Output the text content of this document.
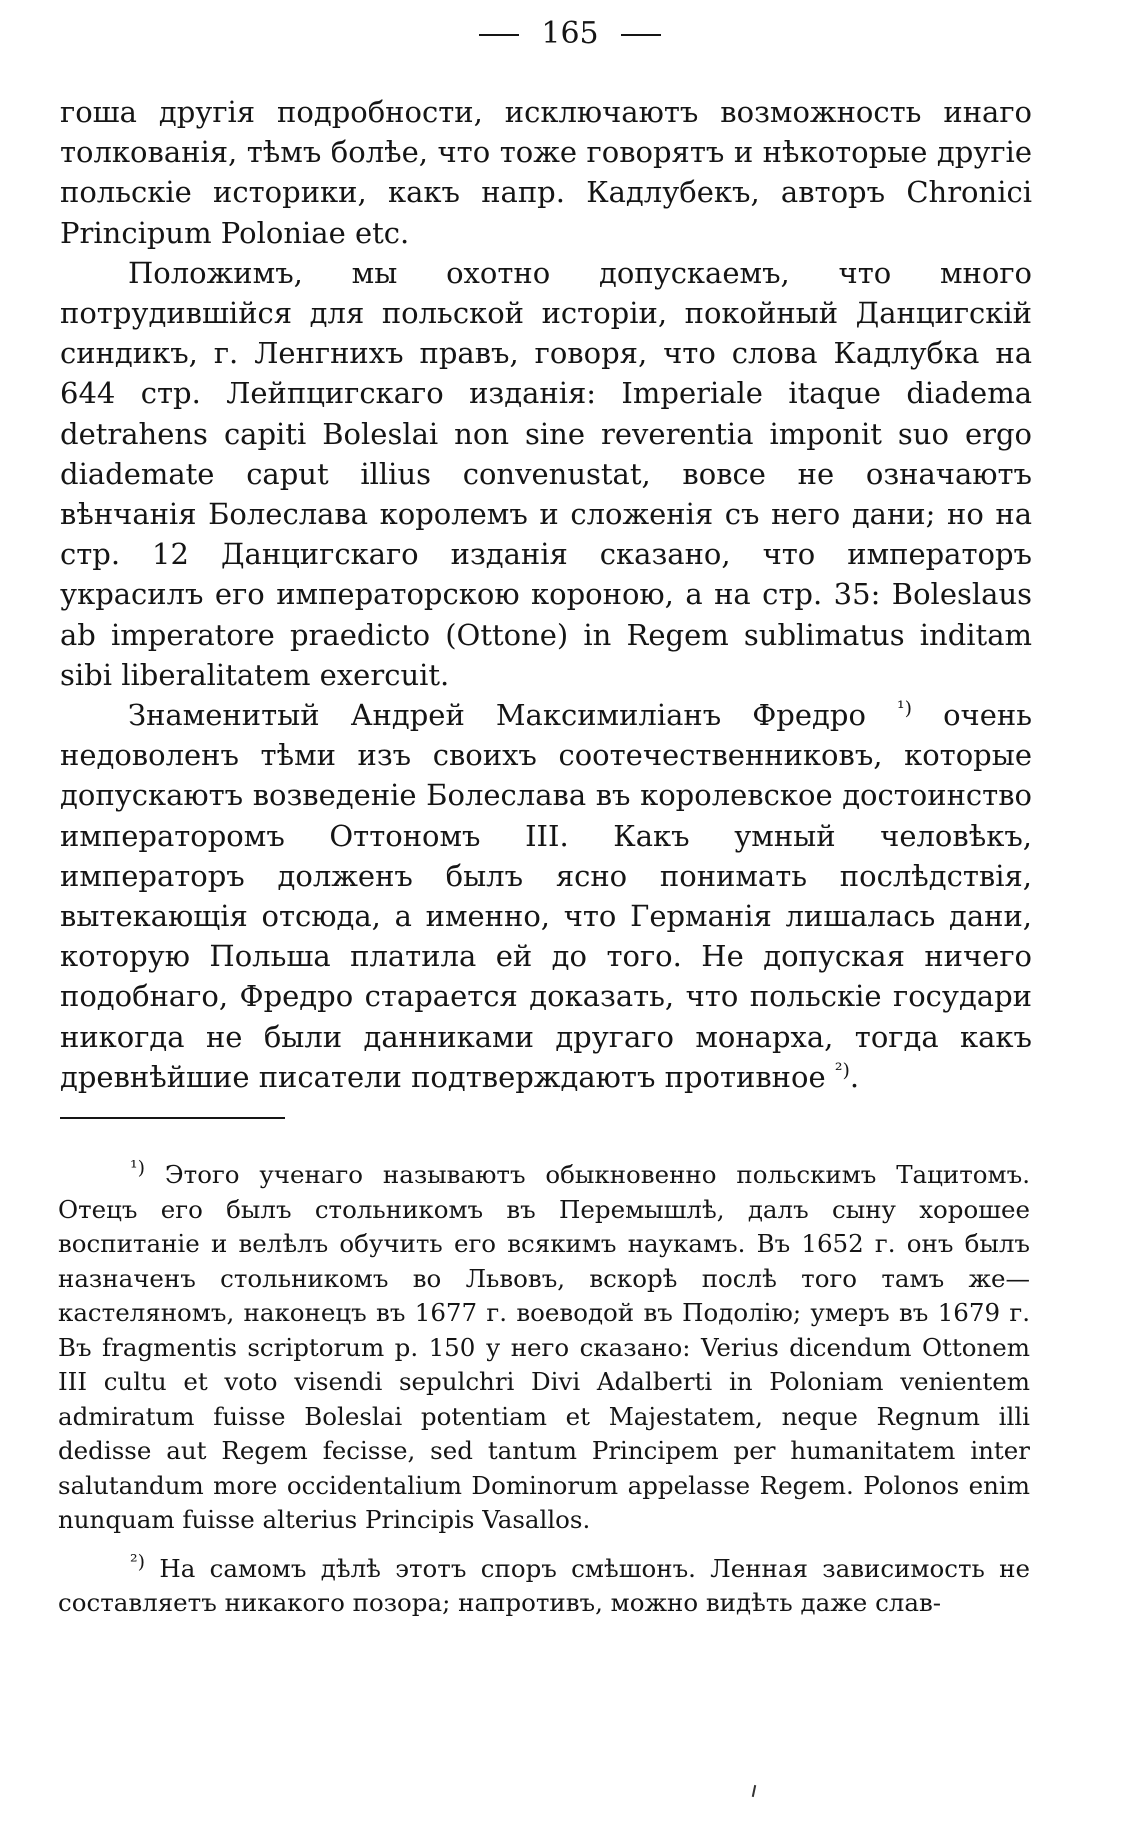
165

гоша другія подробности, исключаютъ возможность инаго толкованія, тѣмъ болѣе, что тоже говорятъ и нѣкоторые другіе польскіе историки, какъ напр. Кадлубекъ, авторъ Chronici Principum Poloniae etc.

Положимъ, мы охотно допускаемъ, что много потрудившійся для польской исторіи, покойный Данцигскій синдикъ, г. Ленгнихъ правъ, говоря, что слова Кадлубка на 644 стр. Лейпцигскаго изданія: Imperiale itaque diadema detrahens capiti Boleslai non sine reverentia imponit suo ergo diademate caput illius convenustat, вовсе не означаютъ вѣнчанія Болеслава королемъ и сложенія съ него дани; но на стр. 12 Данцигскаго изданія сказано, что императоръ украсилъ его императорскою короною, а на стр. 35: Boleslaus ab imperatore praedicto (Ottone) in Regem sublimatus inditam sibi liberalitatem exercuit.

Знаменитый Андрей Максимиліанъ Фредро $^{^1)}$ очень недоволенъ тѣми изъ своихъ соотечественниковъ, которые допускаютъ возведеніе Болеслава въ королевское достоинство императоромъ Оттономъ III. Какъ умный человѣкъ, императоръ долженъ былъ ясно понимать послѣдствія, вытекающія отсюда, а именно, что Германія лишалась дани, которую Польша платила ей до того. Не допуская ничего подобнаго, Фредро старается доказать, что польскіе государи никогда не были данниками другаго монарха, тогда какъ древнѣйшие писатели подтверждаютъ противное $^{^2)}$.

$^{^1)}$ Этого ученаго называютъ обыкновенно польскимъ Тацитомъ. Отецъ его былъ стольникомъ въ Перемышлѣ, далъ сыну хорошее воспитаніе и велѣлъ обучить его всякимъ наукамъ. Въ 1652 г. онъ былъ назначенъ стольникомъ во Львовъ, вскорѣ послѣ того тамъ же—кастеляномъ, наконецъ въ 1677 г. воеводой въ Подолію; умеръ въ 1679 г. Въ fragmentis scriptorum p. 150 у него сказано: Verius dicendum Ottonem III cultu et voto visendi sepulchri Divi Adalberti in Poloniam venientem admiratum fuisse Boleslai potentiam et Majestatem, neque Regnum illi dedisse aut Regem fecisse, sed tantum Principem per humanitatem inter salutandum more occidentalium Dominorum appelasse Regem. Polonos enim nunquam fuisse alterius Principis Vasallos.

$^{^2)}$ На самомъ дѣлѣ этотъ споръ смѣшонъ. Ленная зависимость не составляетъ никакого позора; напротивъ, можно видѣть даже слав-
